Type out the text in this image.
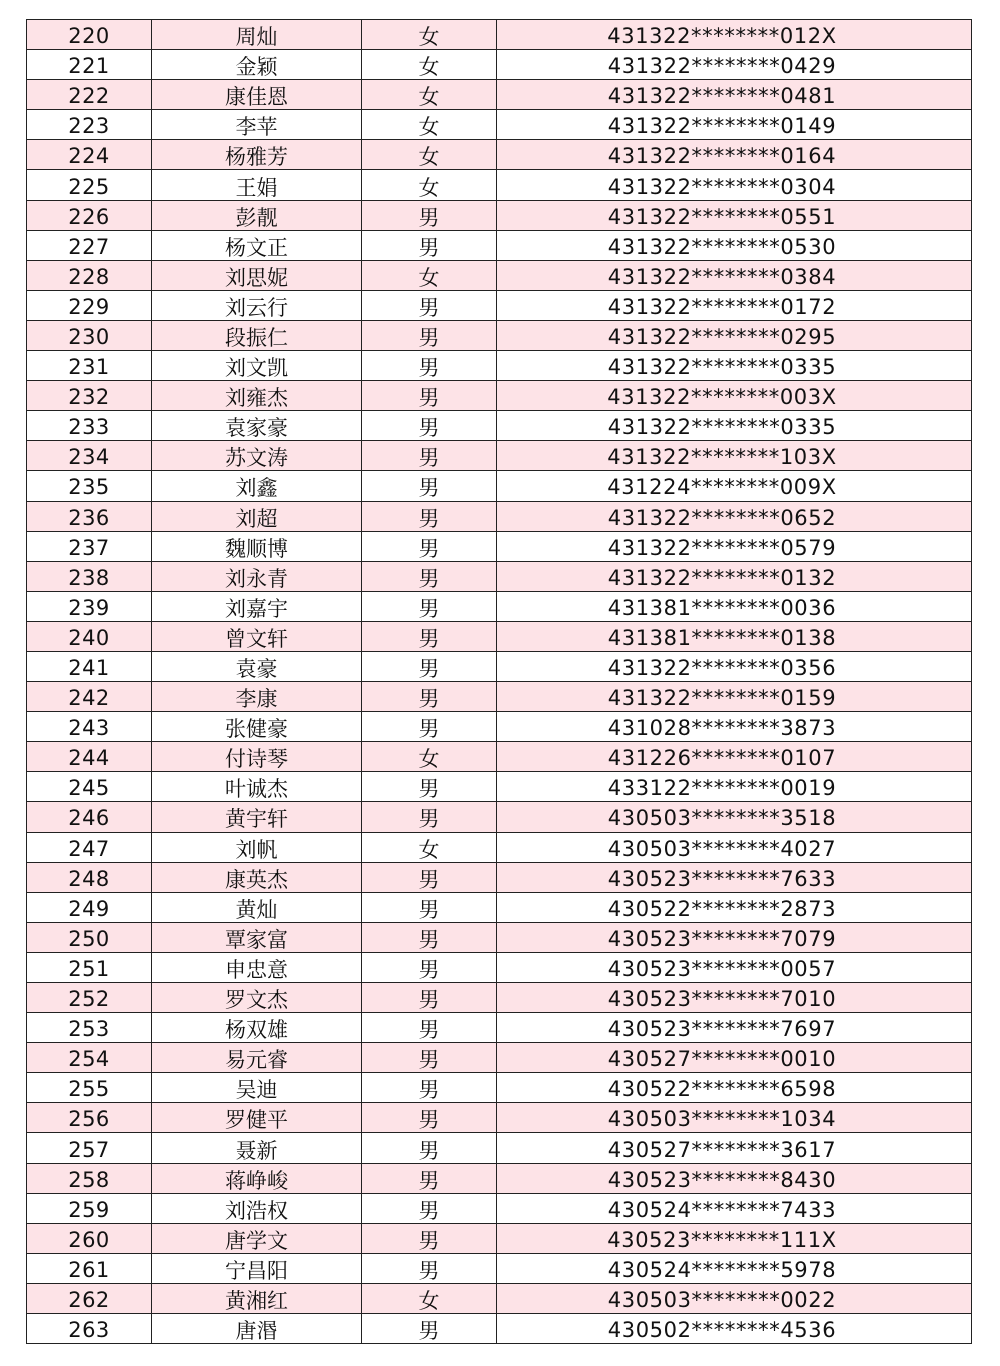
220	周灿	女	431322********012X
221	金颖	女	431322********0429
222	康佳恩	女	431322********0481
223	李苹	女	431322********0149
224	杨雅芳	女	431322********0164
225	王娟	女	431322********0304
226	彭靓	男	431322********0551
227	杨文正	男	431322********0530
228	刘思妮	女	431322********0384
229	刘云行	男	431322********0172
230	段振仁	男	431322********0295
231	刘文凯	男	431322********0335
232	刘雍杰	男	431322********003X
233	袁家豪	男	431322********0335
234	苏文涛	男	431322********103X
235	刘鑫	男	431224********009X
236	刘超	男	431322********0652
237	魏顺博	男	431322********0579
238	刘永青	男	431322********0132
239	刘嘉宇	男	431381********0036
240	曾文轩	男	431381********0138
241	袁豪	男	431322********0356
242	李康	男	431322********0159
243	张健豪	男	431028********3873
244	付诗琴	女	431226********0107
245	叶诚杰	男	433122********0019
246	黄宇轩	男	430503********3518
247	刘帆	女	430503********4027
248	康英杰	男	430523********7633
249	黄灿	男	430522********2873
250	覃家富	男	430523********7079
251	申忠意	男	430523********0057
252	罗文杰	男	430523********7010
253	杨双雄	男	430523********7697
254	易元睿	男	430527********0010
255	吴迪	男	430522********6598
256	罗健平	男	430503********1034
257	聂新	男	430527********3617
258	蒋峥峻	男	430523********8430
259	刘浩权	男	430524********7433
260	唐学文	男	430523********111X
261	宁昌阳	男	430524********5978
262	黄湘红	女	430503********0022
263	唐湣	男	430502********4536
